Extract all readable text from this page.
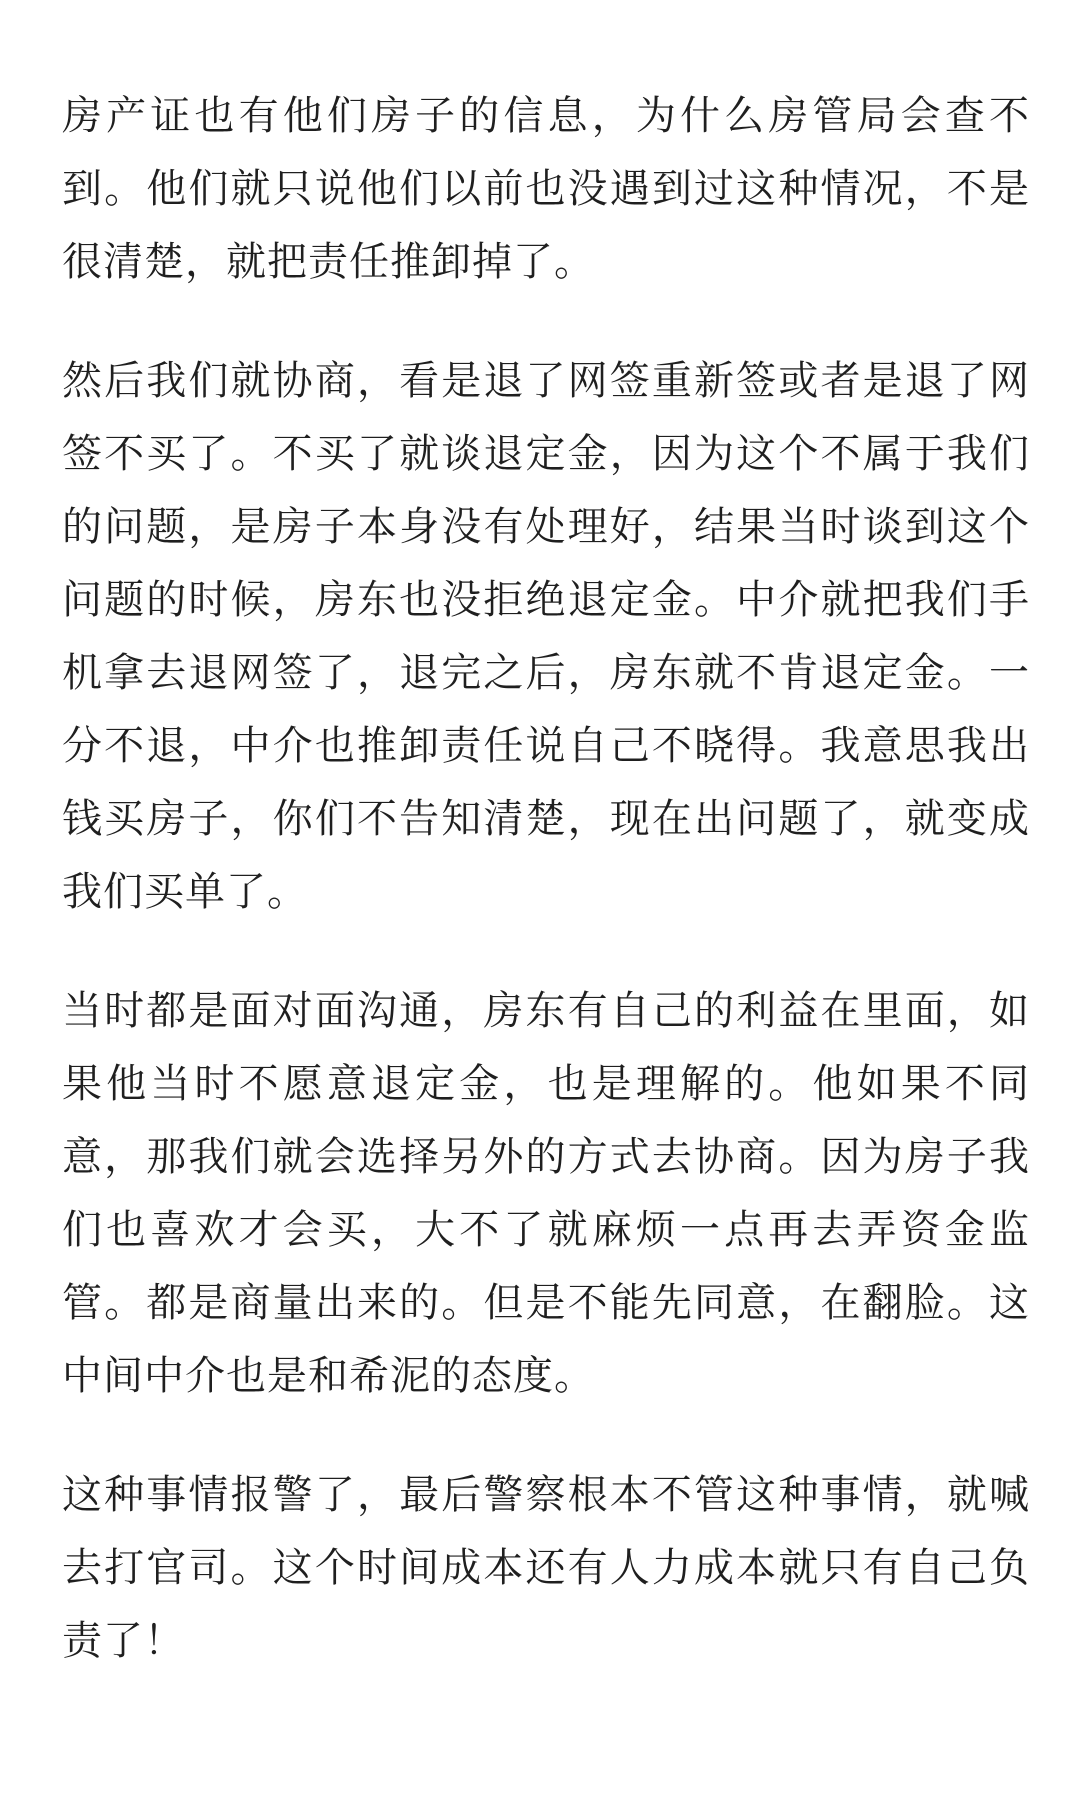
房产证也有他们房子的信息，为什么房管局会查不到。他们就只说他们以前也没遇到过这种情况，不是很清楚，就把责任推卸掉了。

然后我们就协商，看是退了网签重新签或者是退了网签不买了。不买了就谈退定金，因为这个不属于我们的问题，是房子本身没有处理好，结果当时谈到这个问题的时候，房东也没拒绝退定金。中介就把我们手机拿去退网签了，退完之后，房东就不肯退定金。一分不退，中介也推卸责任说自己不晓得。我意思我出钱买房子，你们不告知清楚，现在出问题了，就变成我们买单了。

当时都是面对面沟通，房东有自己的利益在里面，如果他当时不愿意退定金，也是理解的。他如果不同意，那我们就会选择另外的方式去协商。因为房子我们也喜欢才会买，大不了就麻烦一点再去弄资金监管。都是商量出来的。但是不能先同意，在翻脸。这中间中介也是和希泥的态度。

这种事情报警了，最后警察根本不管这种事情，就喊去打官司。这个时间成本还有人力成本就只有自己负责了！
